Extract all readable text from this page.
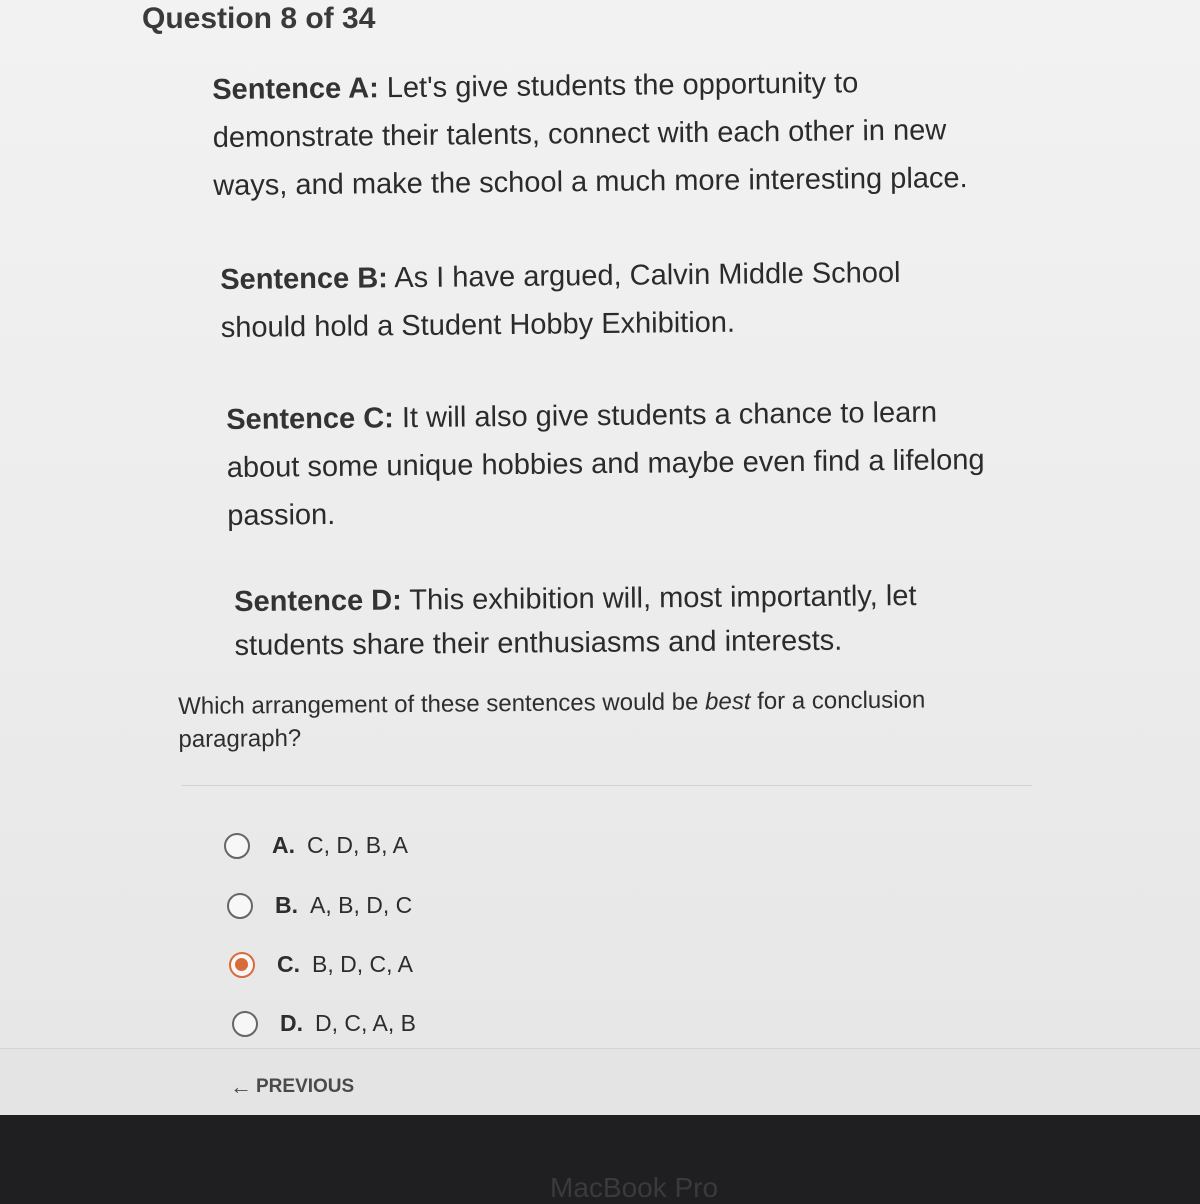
Question 8 of 34
Sentence A: Let's give students the opportunity to demonstrate their talents, connect with each other in new ways, and make the school a much more interesting place.
Sentence B: As I have argued, Calvin Middle School should hold a Student Hobby Exhibition.
Sentence C: It will also give students a chance to learn about some unique hobbies and maybe even find a lifelong passion.
Sentence D: This exhibition will, most importantly, let students share their enthusiasms and interests.
Which arrangement of these sentences would be best for a conclusion paragraph?
A. C, D, B, A
B. A, B, D, C
C. B, D, C, A
D. D, C, A, B
← PREVIOUS
MacBook Pro
